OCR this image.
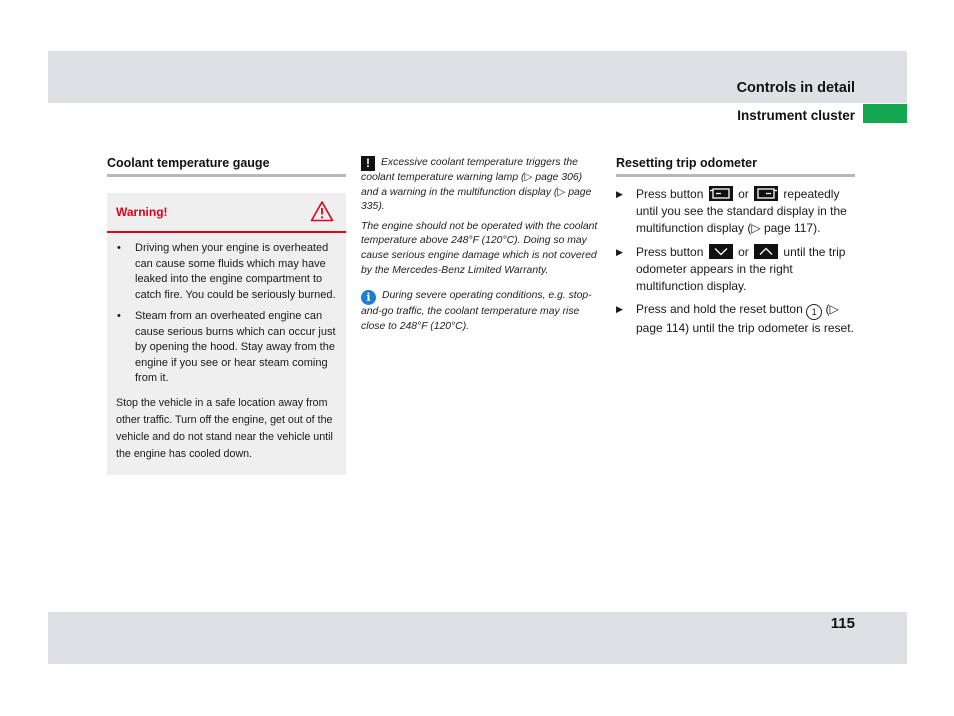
Controls in detail
Instrument cluster
Coolant temperature gauge
Warning!
• Driving when your engine is overheated can cause some fluids which may have leaked into the engine compartment to catch fire. You could be seriously burned.
• Steam from an overheated engine can cause serious burns which can occur just by opening the hood. Stay away from the engine if you see or hear steam coming from it.
Stop the vehicle in a safe location away from other traffic. Turn off the engine, get out of the vehicle and do not stand near the vehicle until the engine has cooled down.

! Excessive coolant temperature triggers the coolant temperature warning lamp (▷ page 306) and a warning in the multifunction display (▷ page 335).

The engine should not be operated with the coolant temperature above 248°F (120°C). Doing so may cause serious engine damage which is not covered by the Mercedes-Benz Limited Warranty.

i During severe operating conditions, e.g. stop-and-go traffic, the coolant temperature may rise close to 248°F (120°C).

Resetting trip odometer
▶ Press button	or	repeatedly until you see the standard display in the multifunction display (▷ page 117).
▶ Press button	or	until the trip odometer appears in the right multifunction display.
▶ Press and hold the reset button 1 (▷ page 114) until the trip odometer is reset.
115
